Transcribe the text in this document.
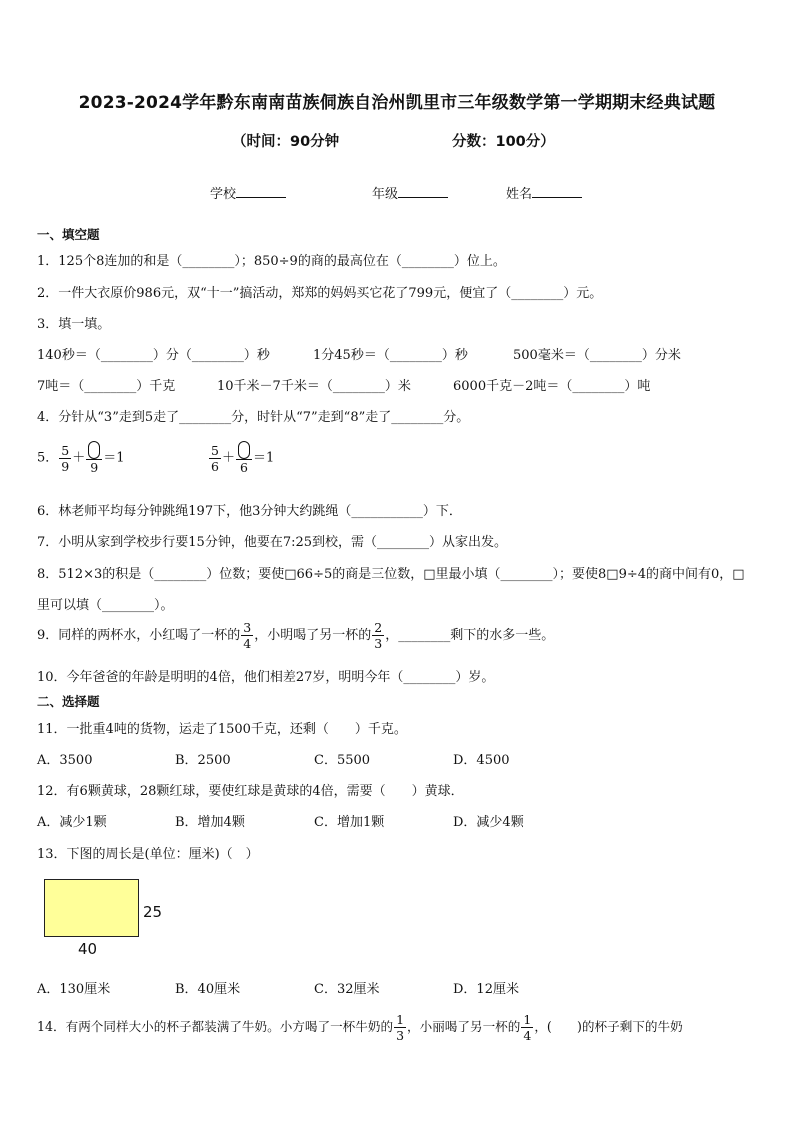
2023-2024学年黔东南南苗族侗族自治州凯里市三年级数学第一学期期末经典试题
（时间：90分钟	分数：100分）
学校	年级	姓名
一、填空题
1．125个8连加的和是（________）；850÷9的商的最高位在（________）位上。
2．一件大衣原价986元，双“十一”搞活动，郑郑的妈妈买它花了799元，便宜了（________）元。
3．填一填。
140秒＝（________）分（________）秒	1分45秒＝（________）秒	500毫米＝（________）分米
7吨＝（________）千克	10千米－7千米＝（________）米	6000千克－2吨＝（________）吨
4．分针从“3”走到5走了________分，时针从“7”走到“8”走了________分。
5． $\frac{5}{9}$ ＋
9
＝1	$\frac{5}{6}$ ＋
6
＝1
6．林老师平均每分钟跳绳197下，他3分钟大约跳绳（___________）下．
7．小明从家到学校步行要15分钟，他要在7:25到校，需（________）从家出发。
8．512×3的积是（________）位数；要使□66÷5的商是三位数，□里最小填（________）；要使8□9÷4的商中间有0，□
里可以填（________）。
9．同样的两杯水，小红喝了一杯的 $\frac{3}{4}$ ，小明喝了另一杯的 $\frac{2}{3}$ ，________剩下的水多一些。
10．今年爸爸的年龄是明明的4倍，他们相差27岁，明明今年（________）岁。
二、选择题
11．一批重4吨的货物，运走了1500千克，还剩（　　）千克。
A．3500	B．2500	C．5500	D．4500
12．有6颗黄球，28颗红球，要使红球是黄球的4倍，需要（　　）黄球．
A．减少1颗	B．增加4颗	C．增加1颗	D．减少4颗
13．下图的周长是(单位：厘米)（　）
25
40
A．130厘米	B．40厘米	C．32厘米	D．12厘米
14．有两个同样大小的杯子都装满了牛奶。小方喝了一杯牛奶的 $\frac{1}{3}$ ，小丽喝了另一杯的 $\frac{1}{4}$ ，(　　)的杯子剩下的牛奶
